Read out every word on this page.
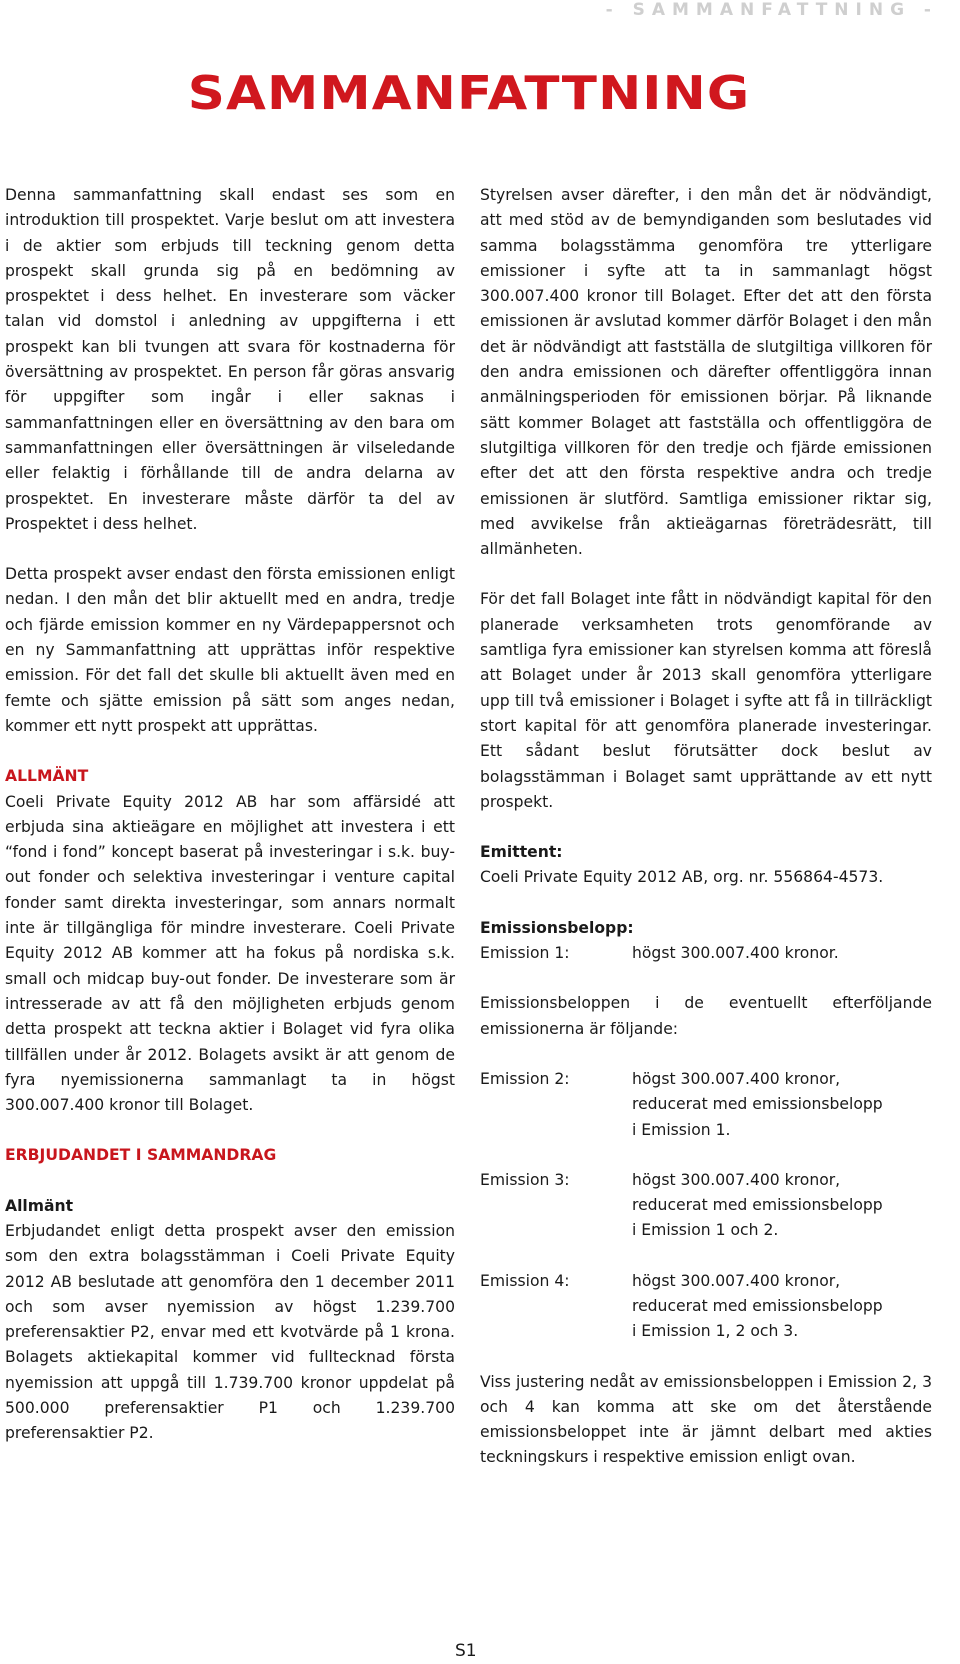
- SAMMANFATTNING -
SAMMANFATTNING

Denna sammanfattning skall endast ses som en introduktion till prospektet. Varje beslut om att investera i de aktier som erbjuds till teckning genom detta prospekt skall grunda sig på en bedömning av prospektet i dess helhet. En investerare som väcker talan vid domstol i anledning av uppgifterna i ett prospekt kan bli tvungen att svara för kostnaderna för översättning av prospektet. En person får göras ansvarig för uppgifter som ingår i eller saknas i sammanfattningen eller en översättning av den bara om sammanfattningen eller översättningen är vilseledande eller felaktig i förhållande till de andra delarna av prospektet. En investerare måste därför ta del av Prospektet i dess helhet.

Detta prospekt avser endast den första emissionen enligt nedan. I den mån det blir aktuellt med en andra, tredje och fjärde emission kommer en ny Värdepappersnot och en ny Sammanfattning att upprättas inför respektive emission. För det fall det skulle bli aktuellt även med en femte och sjätte emission på sätt som anges nedan, kommer ett nytt prospekt att upprättas.

ALLMÄNT

Coeli Private Equity 2012 AB har som affärsidé att erbjuda sina aktieägare en möjlighet att investera i ett “fond i fond” koncept baserat på investeringar i s.k. buy-out fonder och selektiva investeringar i venture capital fonder samt direkta investeringar, som annars normalt inte är tillgängliga för mindre investerare. Coeli Private Equity 2012 AB kommer att ha fokus på nordiska s.k. small och midcap buy-out fonder. De investerare som är intresserade av att få den möjligheten erbjuds genom detta prospekt att teckna aktier i Bolaget vid fyra olika tillfällen under år 2012. Bolagets avsikt är att genom de fyra nyemissionerna sammanlagt ta in högst 300.007.400 kronor till Bolaget.

ERBJUDANDET I SAMMANDRAG
Allmänt

Erbjudandet enligt detta prospekt avser den emission som den extra bolagsstämman i Coeli Private Equity 2012 AB beslutade att genomföra den 1 december 2011 och som avser nyemission av högst 1.239.700 preferensaktier P2, envar med ett kvotvärde på 1 krona. Bolagets aktiekapital kommer vid fulltecknad första nyemission att uppgå till 1.739.700 kronor uppdelat på 500.000 preferensaktier P1 och 1.239.700 preferensaktier P2.

Styrelsen avser därefter, i den mån det är nödvändigt, att med stöd av de bemyndiganden som beslutades vid samma bolagsstämma genomföra tre ytterligare emissioner i syfte att ta in sammanlagt högst 300.007.400 kronor till Bolaget. Efter det att den första emissionen är avslutad kommer därför Bolaget i den mån det är nödvändigt att fastställa de slutgiltiga villkoren för den andra emissionen och därefter offentliggöra innan anmälningsperioden för emissionen börjar. På liknande sätt kommer Bolaget att fastställa och offentliggöra de slutgiltiga villkoren för den tredje och fjärde emissionen efter det att den första respektive andra och tredje emissionen är slutförd. Samtliga emissioner riktar sig, med avvikelse från aktieägarnas företrädesrätt, till allmänheten.

För det fall Bolaget inte fått in nödvändigt kapital för den planerade verksamheten trots genomförande av samtliga fyra emissioner kan styrelsen komma att föreslå att Bolaget under år 2013 skall genomföra ytterligare upp till två emissioner i Bolaget i syfte att få in tillräckligt stort kapital för att genomföra planerade investeringar. Ett sådant beslut förutsätter dock beslut av bolagsstämman i Bolaget samt upprättande av ett nytt prospekt.

Emittent:
Coeli Private Equity 2012 AB, org. nr. 556864-4573.
Emissionsbelopp:
Emission 1:	högst 300.007.400 kronor.

Emissionsbeloppen i de eventuellt efterföljande emissionerna är följande:

Emission 2:	högst 300.007.400 kronor,
reducerat med emissionsbelopp
i Emission 1.
Emission 3:	högst 300.007.400 kronor,
reducerat med emissionsbelopp
i Emission 1 och 2.
Emission 4:	högst 300.007.400 kronor,
reducerat med emissionsbelopp
i Emission 1, 2 och 3.

Viss justering nedåt av emissionsbeloppen i Emission 2, 3 och 4 kan komma att ske om det återstående emissionsbeloppet inte är jämnt delbart med akties teckningskurs i respektive emission enligt ovan.

S1
